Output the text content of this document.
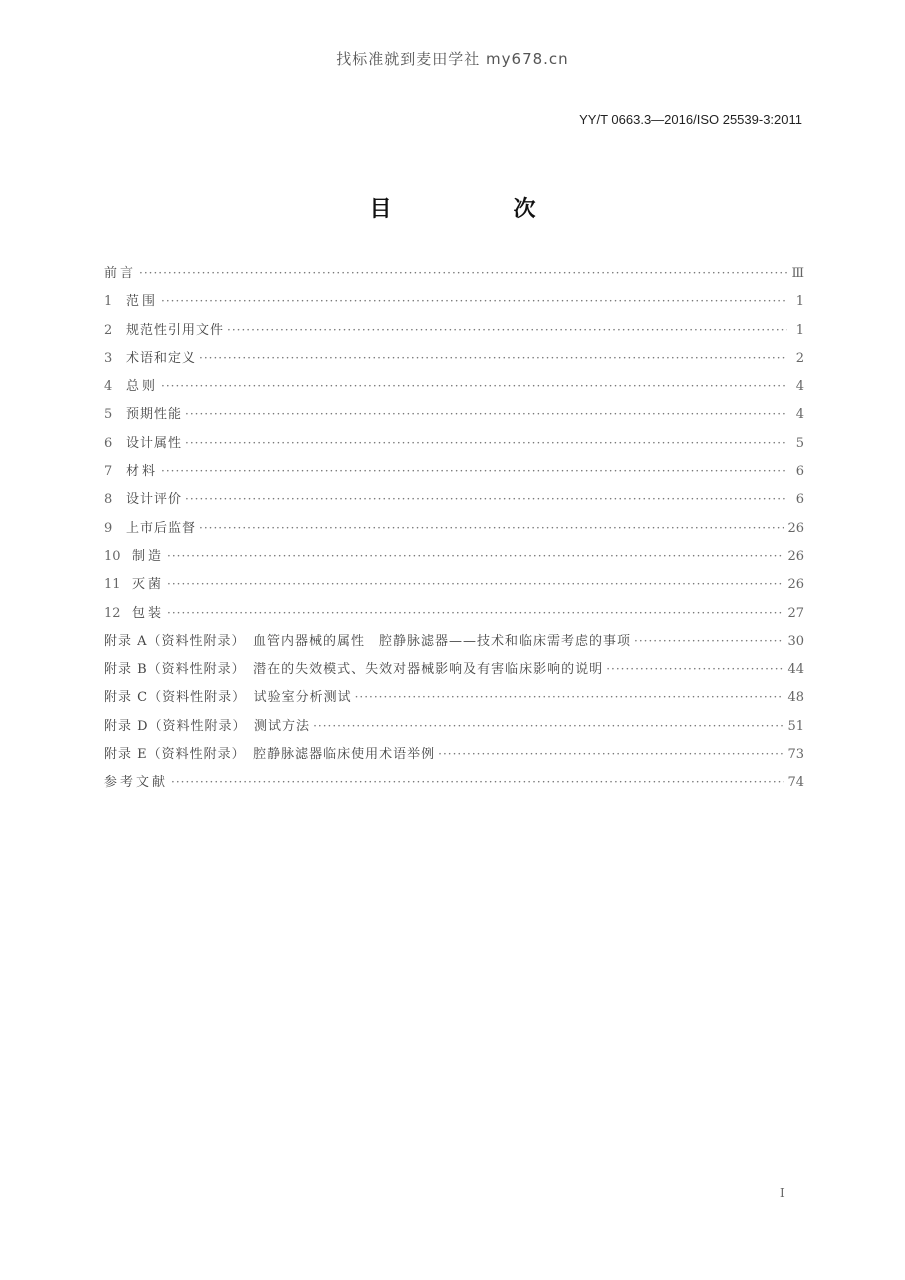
找标准就到麦田学社 my678.cn
YY/T 0663.3—2016/ISO 25539-3:2011
目　次
前言 ·····	Ⅲ
1	范围 ·····	1
2	规范性引用文件 ·····	1
3	术语和定义 ·····	2
4	总则 ·····	4
5	预期性能 ·····	4
6	设计属性 ·····	5
7	材料 ·····	6
8	设计评价 ·····	6
9	上市后监督 ·····	26
10 制造 ·····	26
11 灭菌 ·····	26
12 包装 ·····	27
附录 A（资料性附录）　血管内器械的属性　腔静脉滤器——技术和临床需考虑的事项 ·····	30
附录 B（资料性附录）　潜在的失效模式、失效对器械影响及有害临床影响的说明 ·····	44
附录 C（资料性附录）　试验室分析测试 ·····	48
附录 D（资料性附录）　测试方法 ·····	51
附录 E（资料性附录）　腔静脉滤器临床使用术语举例 ·····	73
参考文献 ·····	74
Ⅰ
